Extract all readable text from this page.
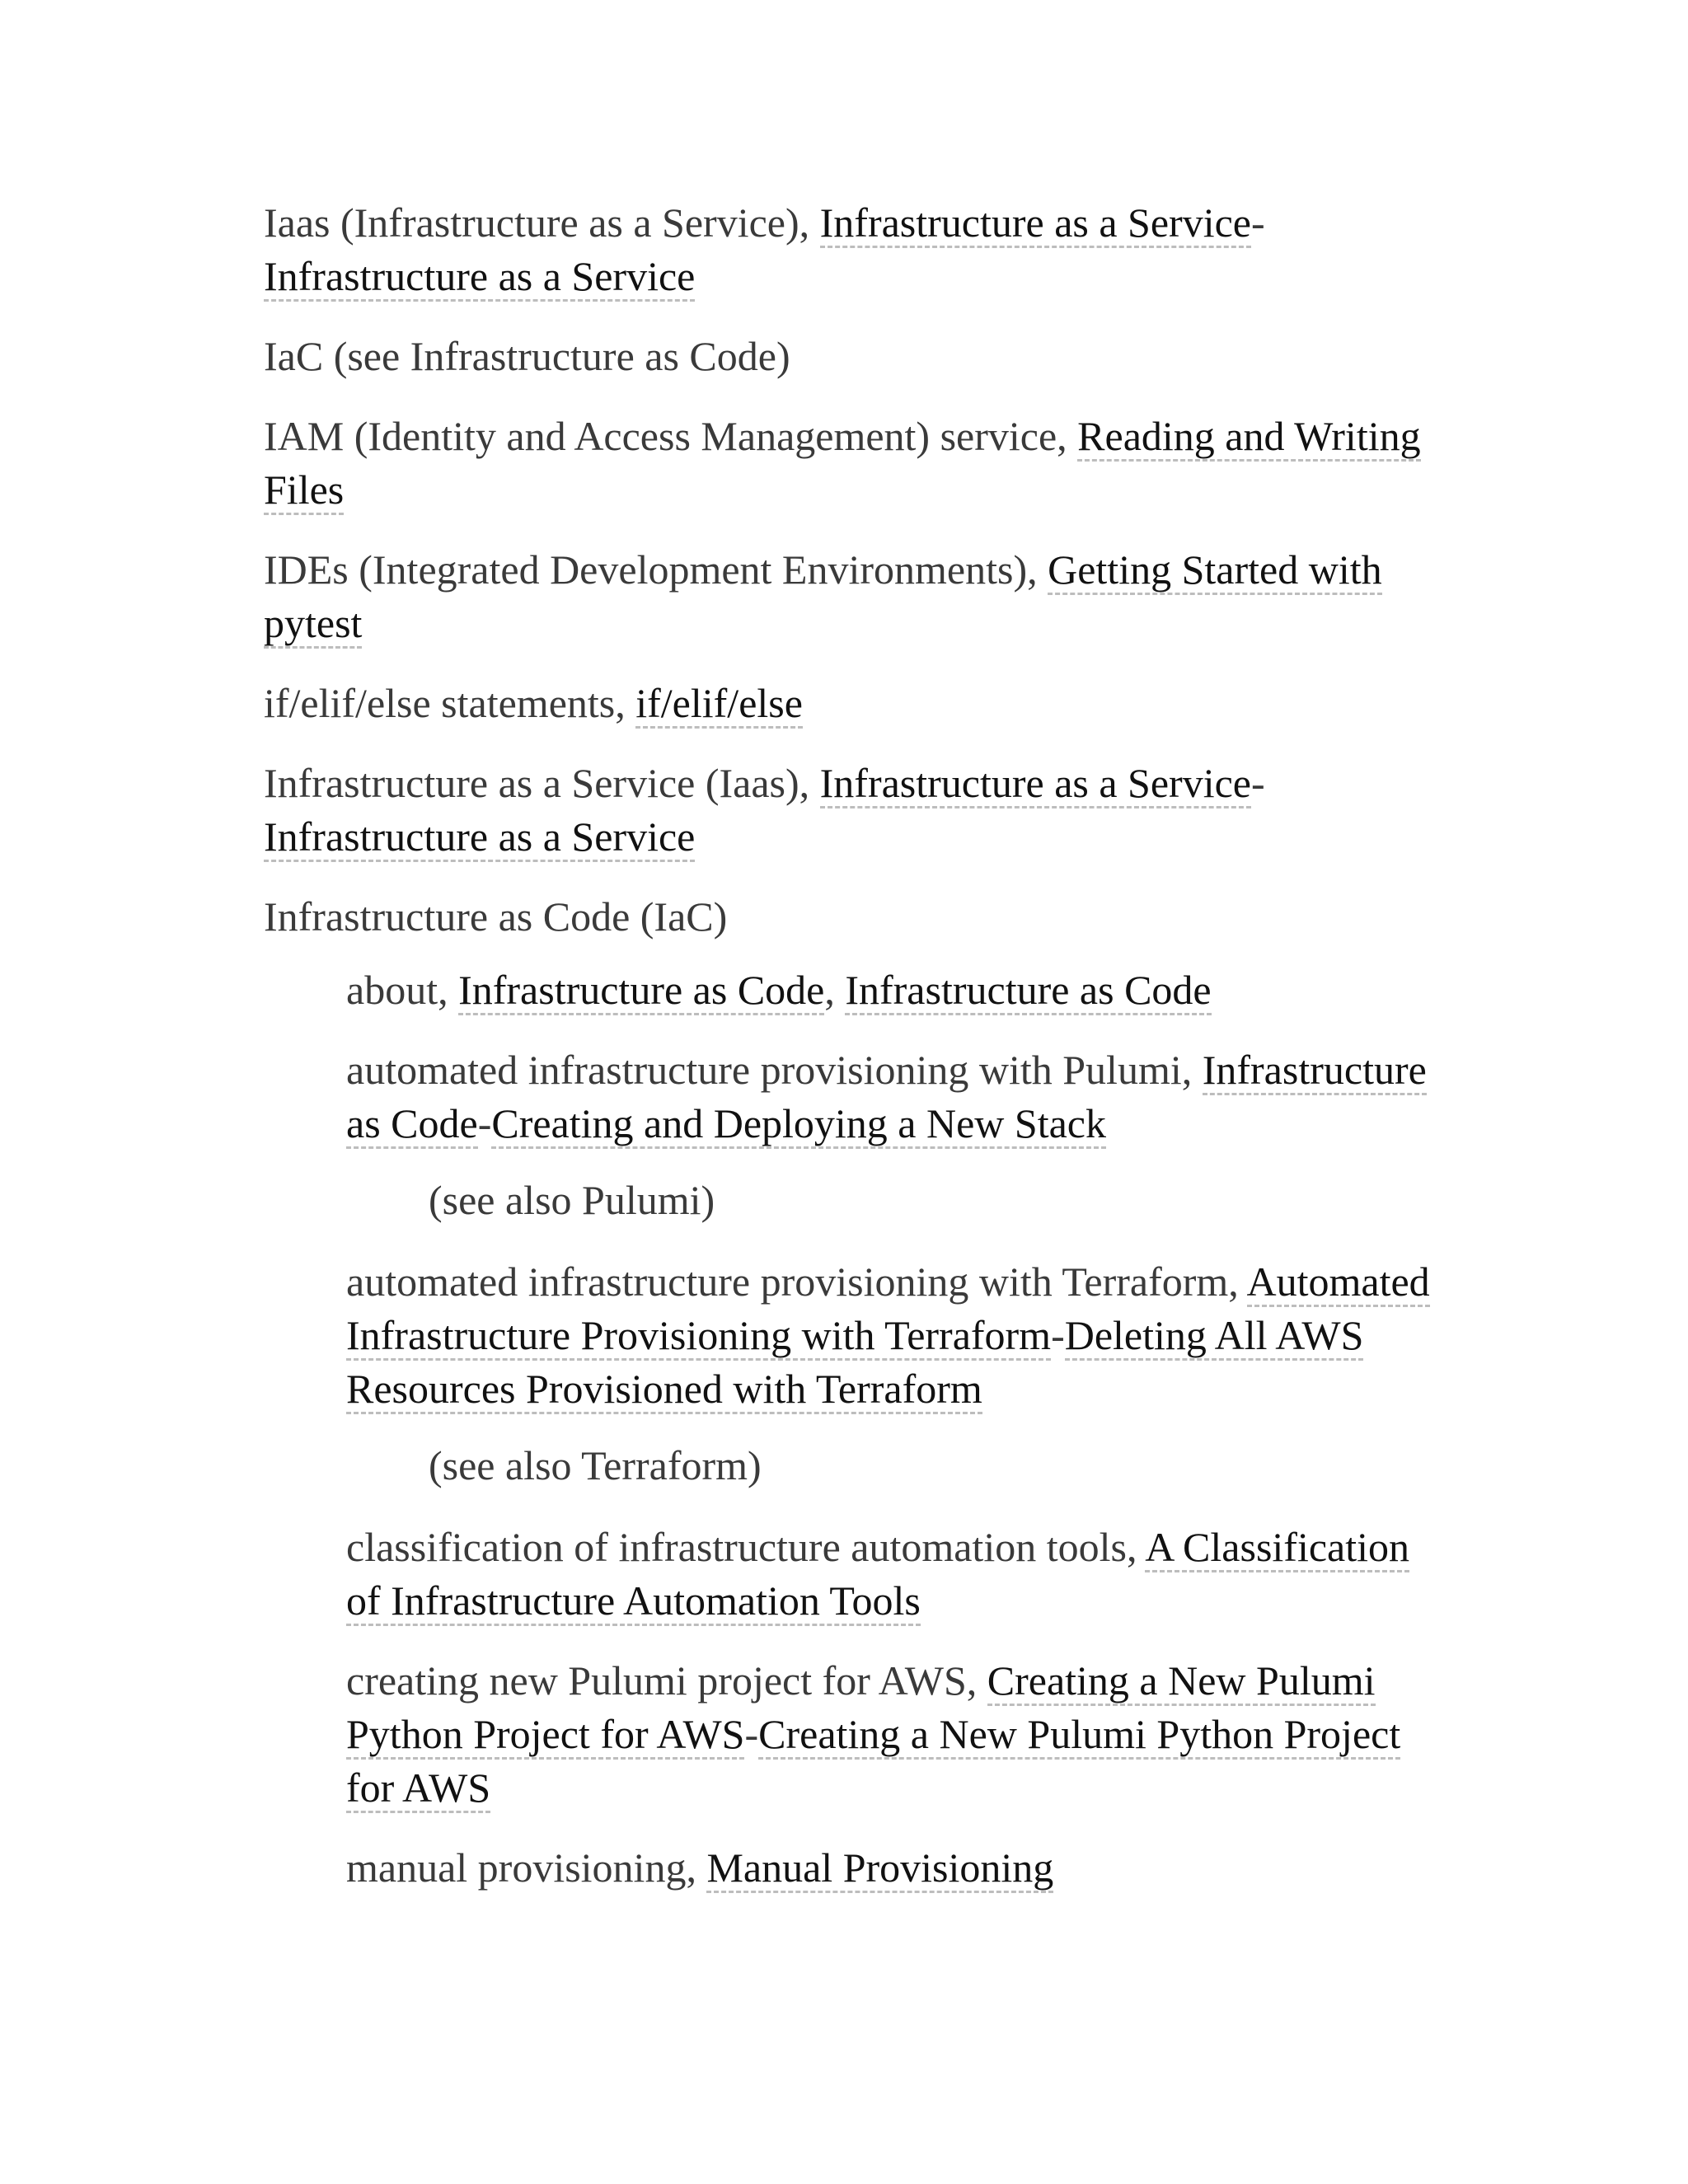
Iaas (Infrastructure as a Service), Infrastructure as a Service-Infrastructure as a Service
IaC (see Infrastructure as Code)
IAM (Identity and Access Management) service, Reading and Writing Files
IDEs (Integrated Development Environments), Getting Started with pytest
if/elif/else statements, if/elif/else
Infrastructure as a Service (Iaas), Infrastructure as a Service-Infrastructure as a Service
Infrastructure as Code (IaC)
about, Infrastructure as Code, Infrastructure as Code
automated infrastructure provisioning with Pulumi, Infrastructure as Code-Creating and Deploying a New Stack
(see also Pulumi)
automated infrastructure provisioning with Terraform, Automated Infrastructure Provisioning with Terraform-Deleting All AWS Resources Provisioned with Terraform
(see also Terraform)
classification of infrastructure automation tools, A Classification of Infrastructure Automation Tools
creating new Pulumi project for AWS, Creating a New Pulumi Python Project for AWS-Creating a New Pulumi Python Project for AWS
manual provisioning, Manual Provisioning
